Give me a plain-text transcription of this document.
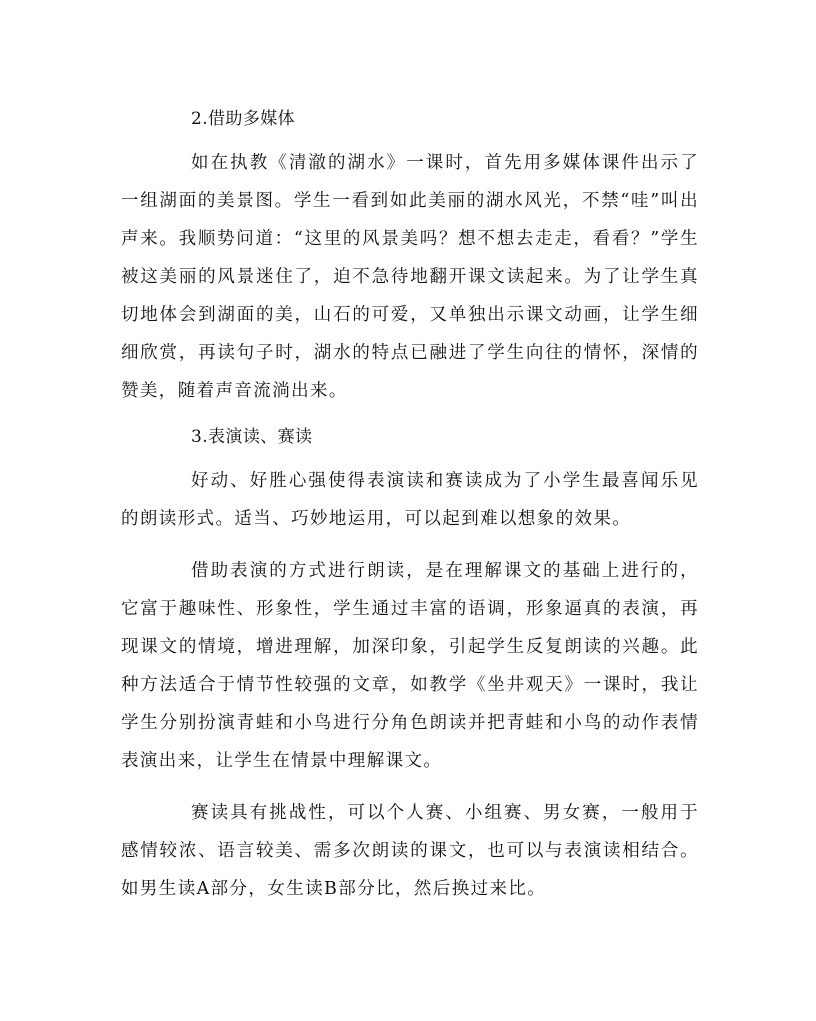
2.借助多媒体

如在执教《清澈的湖水》一课时，首先用多媒体课件出示了一组湖面的美景图。学生一看到如此美丽的湖水风光，不禁“哇”叫出声来。我顺势问道：“这里的风景美吗？想不想去走走，看看？”学生被这美丽的风景迷住了，迫不急待地翻开课文读起来。为了让学生真切地体会到湖面的美，山石的可爱，又单独出示课文动画，让学生细细欣赏，再读句子时，湖水的特点已融进了学生向往的情怀，深情的赞美，随着声音流淌出来。

3.表演读、赛读

好动、好胜心强使得表演读和赛读成为了小学生最喜闻乐见的朗读形式。适当、巧妙地运用，可以起到难以想象的效果。

借助表演的方式进行朗读，是在理解课文的基础上进行的，它富于趣味性、形象性，学生通过丰富的语调，形象逼真的表演，再现课文的情境，增进理解，加深印象，引起学生反复朗读的兴趣。此种方法适合于情节性较强的文章，如教学《坐井观天》一课时，我让学生分别扮演青蛙和小鸟进行分角色朗读并把青蛙和小鸟的动作表情表演出来，让学生在情景中理解课文。

赛读具有挑战性，可以个人赛、小组赛、男女赛，一般用于感情较浓、语言较美、需多次朗读的课文，也可以与表演读相结合。如男生读A部分，女生读B部分比，然后换过来比。
